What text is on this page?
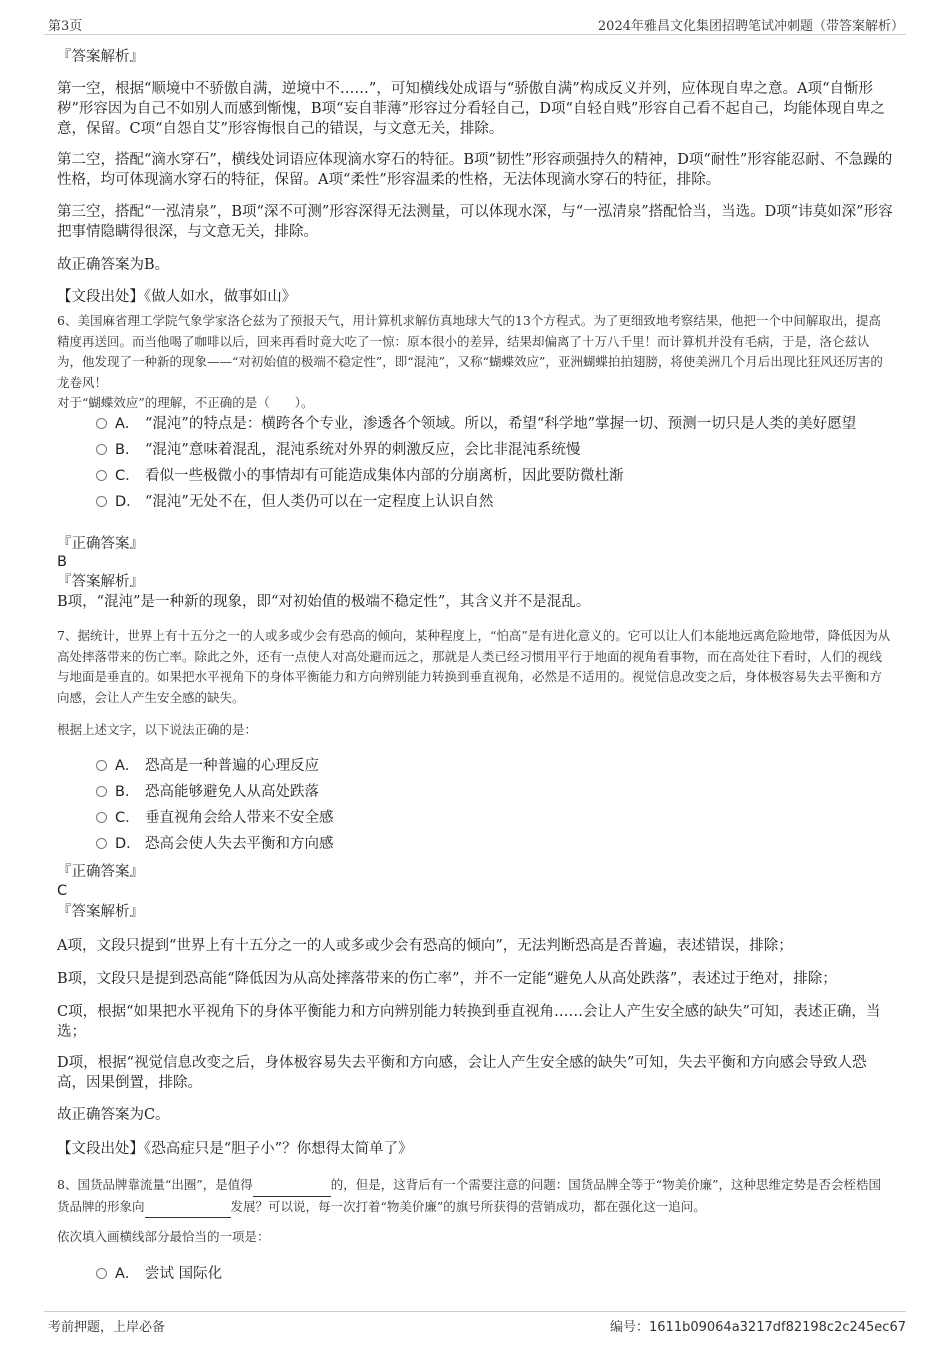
第3页	2024年雅昌文化集团招聘笔试冲刺题（带答案解析）
『答案解析』
第一空，根据“顺境中不骄傲自满，逆境中不……”，可知横线处成语与“骄傲自满”构成反义并列，应体现自卑之意。A项“自惭形秽”形容因为自己不如别人而感到惭愧，B项“妄自菲薄”形容过分看轻自己，D项“自轻自贱”形容自己看不起自己，均能体现自卑之意，保留。C项“自怨自艾”形容悔恨自己的错误，与文意无关，排除。
第二空，搭配“滴水穿石”，横线处词语应体现滴水穿石的特征。B项“韧性”形容顽强持久的精神，D项“耐性”形容能忍耐、不急躁的性格，均可体现滴水穿石的特征，保留。A项“柔性”形容温柔的性格，无法体现滴水穿石的特征，排除。
第三空，搭配“一泓清泉”，B项“深不可测”形容深得无法测量，可以体现水深，与“一泓清泉”搭配恰当，当选。D项“讳莫如深”形容把事情隐瞒得很深，与文意无关，排除。
故正确答案为B。
【文段出处】《做人如水，做事如山》
6、美国麻省理工学院气象学家洛仑兹为了预报天气，用计算机求解仿真地球大气的13个方程式。为了更细致地考察结果，他把一个中间解取出，提高精度再送回。而当他喝了咖啡以后，回来再看时竟大吃了一惊：原本很小的差异，结果却偏离了十万八千里！而计算机并没有毛病，于是，洛仑兹认为，他发现了一种新的现象——“对初始值的极端不稳定性”，即“混沌”，又称“蝴蝶效应”，亚洲蝴蝶拍拍翅膀，将使美洲几个月后出现比狂风还厉害的龙卷风！
对于“蝴蝶效应”的理解，不正确的是（　　）。
A． “混沌”的特点是：横跨各个专业，渗透各个领域。所以，希望“科学地”掌握一切、预测一切只是人类的美好愿望
B． “混沌”意味着混乱，混沌系统对外界的刺激反应，会比非混沌系统慢
C． 看似一些极微小的事情却有可能造成集体内部的分崩离析，因此要防微杜渐
D． “混沌”无处不在，但人类仍可以在一定程度上认识自然
『正确答案』
B
『答案解析』
B项，“混沌”是一种新的现象，即“对初始值的极端不稳定性”，其含义并不是混乱。
7、据统计，世界上有十五分之一的人或多或少会有恐高的倾向，某种程度上，“怕高”是有进化意义的。它可以让人们本能地远离危险地带，降低因为从高处摔落带来的伤亡率。除此之外，还有一点使人对高处避而远之，那就是人类已经习惯用平行于地面的视角看事物，而在高处往下看时，人们的视线与地面是垂直的。如果把水平视角下的身体平衡能力和方向辨别能力转换到垂直视角，必然是不适用的。视觉信息改变之后，身体极容易失去平衡和方向感，会让人产生安全感的缺失。
根据上述文字，以下说法正确的是：
A． 恐高是一种普遍的心理反应
B． 恐高能够避免人从高处跌落
C． 垂直视角会给人带来不安全感
D． 恐高会使人失去平衡和方向感
『正确答案』
C
『答案解析』
A项，文段只提到“世界上有十五分之一的人或多或少会有恐高的倾向”，无法判断恐高是否普遍，表述错误，排除；
B项，文段只是提到恐高能“降低因为从高处摔落带来的伤亡率”，并不一定能“避免人从高处跌落”，表述过于绝对，排除；
C项，根据“如果把水平视角下的身体平衡能力和方向辨别能力转换到垂直视角……会让人产生安全感的缺失”可知，表述正确，当选；
D项，根据“视觉信息改变之后，身体极容易失去平衡和方向感，会让人产生安全感的缺失”可知，失去平衡和方向感会导致人恐高，因果倒置，排除。
故正确答案为C。
【文段出处】《恐高症只是“胆子小”？你想得太简单了》
8、国货品牌靠流量“出圈”，是值得	的，但是，这背后有一个需要注意的问题：国货品牌全等于“物美价廉”，这种思维定势是否会桎梏国货品牌的形象向	发展？可以说，每一次打着“物美价廉”的旗号所获得的营销成功，都在强化这一追问。
依次填入画横线部分最恰当的一项是：
A． 尝试 国际化
考前押题，上岸必备	编号：1611b09064a3217df82198c2c245ec67
